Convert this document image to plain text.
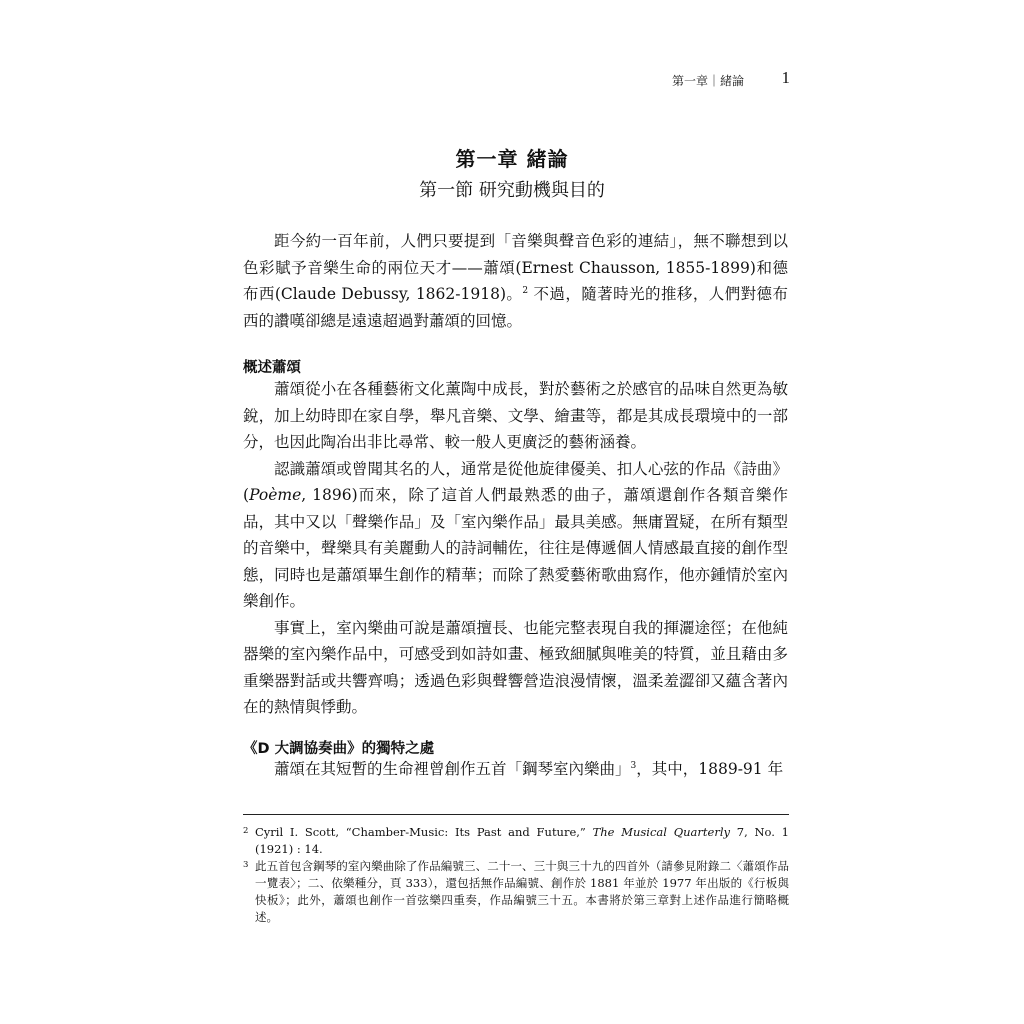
第一章｜緒論 1
第一章 緒論
第一節 研究動機與目的

距今約一百年前，人們只要提到「音樂與聲音色彩的連結」，無不聯想到以色彩賦予音樂生命的兩位天才——蕭頌(Ernest Chausson, 1855-1899)和德布西(Claude Debussy, 1862-1918)。$^2$ 不過，隨著時光的推移，人們對德布西的讚嘆卻總是遠遠超過對蕭頌的回憶。

概述蕭頌

蕭頌從小在各種藝術文化薰陶中成長，對於藝術之於感官的品味自然更為敏銳，加上幼時即在家自學，舉凡音樂、文學、繪畫等，都是其成長環境中的一部分，也因此陶冶出非比尋常、較一般人更廣泛的藝術涵養。

認識蕭頌或曾聞其名的人，通常是從他旋律優美、扣人心弦的作品《詩曲》(Poème, 1896)而來，除了這首人們最熟悉的曲子，蕭頌還創作各類音樂作品，其中又以「聲樂作品」及「室內樂作品」最具美感。無庸置疑，在所有類型的音樂中，聲樂具有美麗動人的詩詞輔佐，往往是傳遞個人情感最直接的創作型態，同時也是蕭頌畢生創作的精華；而除了熱愛藝術歌曲寫作，他亦鍾情於室內樂創作。

事實上，室內樂曲可說是蕭頌擅長、也能完整表現自我的揮灑途徑；在他純器樂的室內樂作品中，可感受到如詩如畫、極致細膩與唯美的特質，並且藉由多重樂器對話或共響齊鳴；透過色彩與聲響營造浪漫情懷，溫柔羞澀卻又蘊含著內在的熱情與悸動。

《D 大調協奏曲》的獨特之處

蕭頌在其短暫的生命裡曾創作五首「鋼琴室內樂曲」$^3$，其中，1889-91 年

2 Cyril I. Scott, “Chamber-Music: Its Past and Future,” The Musical Quarterly 7, No. 1 (1921) : 14.

3 此五首包含鋼琴的室內樂曲除了作品編號三、二十一、三十與三十九的四首外（請參見附錄二〈蕭頌作品一覽表〉；二、依樂種分，頁 333），還包括無作品編號、創作於 1881 年並於 1977 年出版的《行板與快板》；此外，蕭頌也創作一首弦樂四重奏，作品編號三十五。本書將於第三章對上述作品進行簡略概述。
